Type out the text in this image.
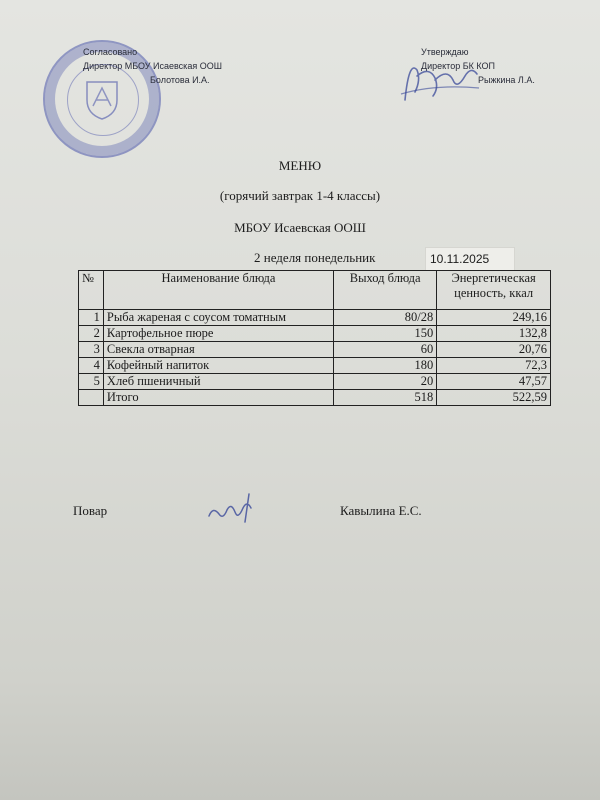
Согласовано
Директор МБОУ Исаевская ООШ
Болотова И.А.
Утверждаю
Директор БК КОП
Рыжкина Л.А.
МЕНЮ
(горячий завтрак 1-4 классы)
МБОУ Исаевская ООШ
2 неделя понедельник	10.11.2025
№	Наименование блюда	Выход блюда	Энергетическая
ценность, ккал
1	Рыба жареная с соусом томатным	80/28	249,16
2	Картофельное пюре	150	132,8
3	Свекла отварная	60	20,76
4	Кофейный напиток	180	72,3
5	Хлеб пшеничный	20	47,57
	Итого	518	522,59
Повар	Кавылина Е.С.
